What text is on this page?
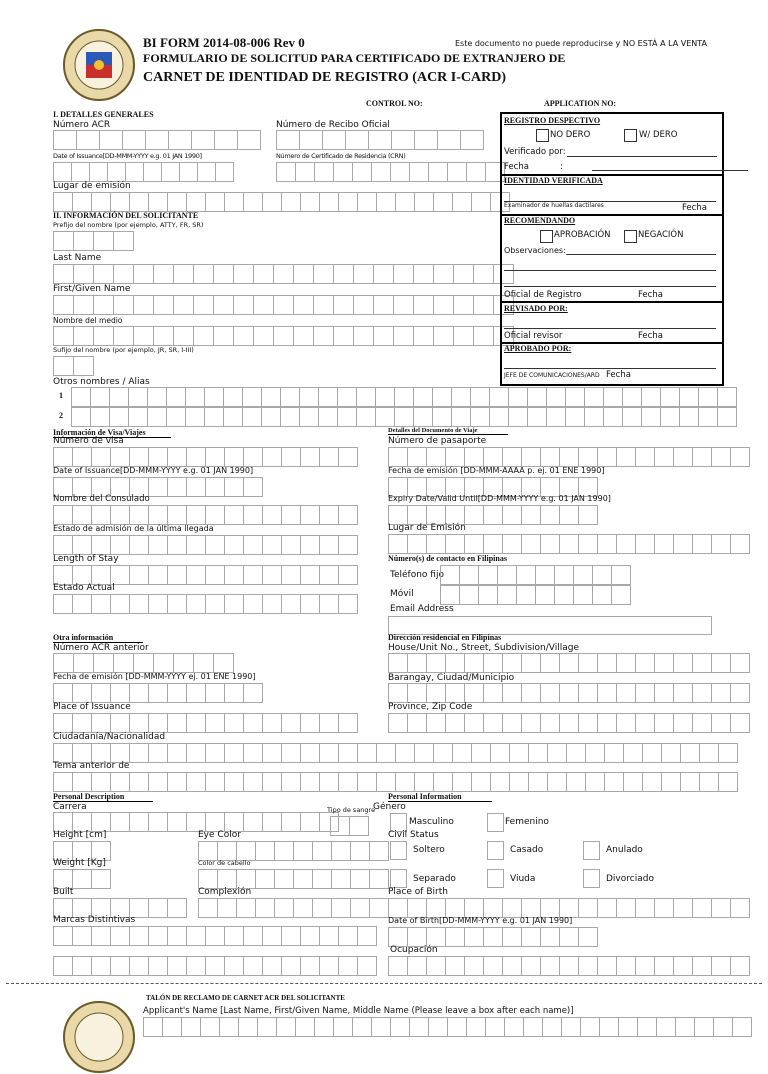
BI FORM 2014-08-006 Rev 0	Este documento no puede reproducirse y NO ESTÁ A LA VENTA
FORMULARIO DE SOLICITUD PARA CERTIFICADO DE EXTRANJERO DE
CARNET DE IDENTIDAD DE REGISTRO (ACR I-CARD)
CONTROL NO:	APPLICATION NO:
I. DETALLES GENERALES
Número ACR	Número de Recibo Oficial
Date of Issuance[DD-MMM-YYYY e.g. 01 JAN 1990]	Número de Certificado de Residencia (CRN)
Lugar de emisión
II. INFORMACIÓN DEL SOLICITANTE
Prefijo del nombre (por ejemplo, ATTY, FR, SR)
Last Name
First/Given Name
Nombre del medio
Sufijo del nombre (por ejemplo, JR, SR, I-III)
Otros nombres / Alias
1
2
REGISTRO DESPECTIVO
NO DERO	W/ DERO
Verificado por:
Fecha	:
IDENTIDAD VERIFICADA
Examinador de huellas dactilares	Fecha
RECOMENDANDO
APROBACIÓN	NEGACIÓN
Observaciones:
Oficial de Registro	Fecha
REVISADO POR:
Oficial revisor	Fecha
APROBADO POR:
JEFE DE COMUNICACIONES/ARD Fecha
Información de Visa/Viajes
Número de visa
Date of Issuance[DD-MMM-YYYY e.g. 01 JAN 1990]
Nombre del Consulado
Estado de admisión de la última llegada
Length of Stay
Estado Actual
Detalles del Documento de Viaje
Número de pasaporte
Fecha de emisión [DD-MMM-AAAA p. ej. 01 ENE 1990]
Expiry Date/Valid Until[DD-MMM-YYYY e.g. 01 JAN 1990]
Lugar de Emisión
Número(s) de contacto en Filipinas
Teléfono fijo
Móvil
Email Address
Otra información
Número ACR anterior
Fecha de emisión [DD-MMM-YYYY ej. 01 ENE 1990]
Place of Issuance
Ciudadanía/Nacionalidad
Tema anterior de
Dirección residencial en Filipinas
House/Unit No., Street, Subdivision/Village
Barangay, Ciudad/Municipio
Province, Zip Code
Personal Description
Carrera	Tipo de sangre
Height [cm]	Eye Color
Weight [Kg]	Color de cabello
Built	Complexión
Marcas Distintivas
Personal Information
Género
Masculino	Femenino
Civil Status
Soltero	Casado	Anulado
Separado	Viuda	Divorciado
Place of Birth
Date of Birth[DD-MMM-YYYY e.g. 01 JAN 1990]
Ocupación
TALÓN DE RECLAMO DE CARNET ACR DEL SOLICITANTE
Applicant's Name [Last Name, First/Given Name, Middle Name (Please leave a box after each name)]
